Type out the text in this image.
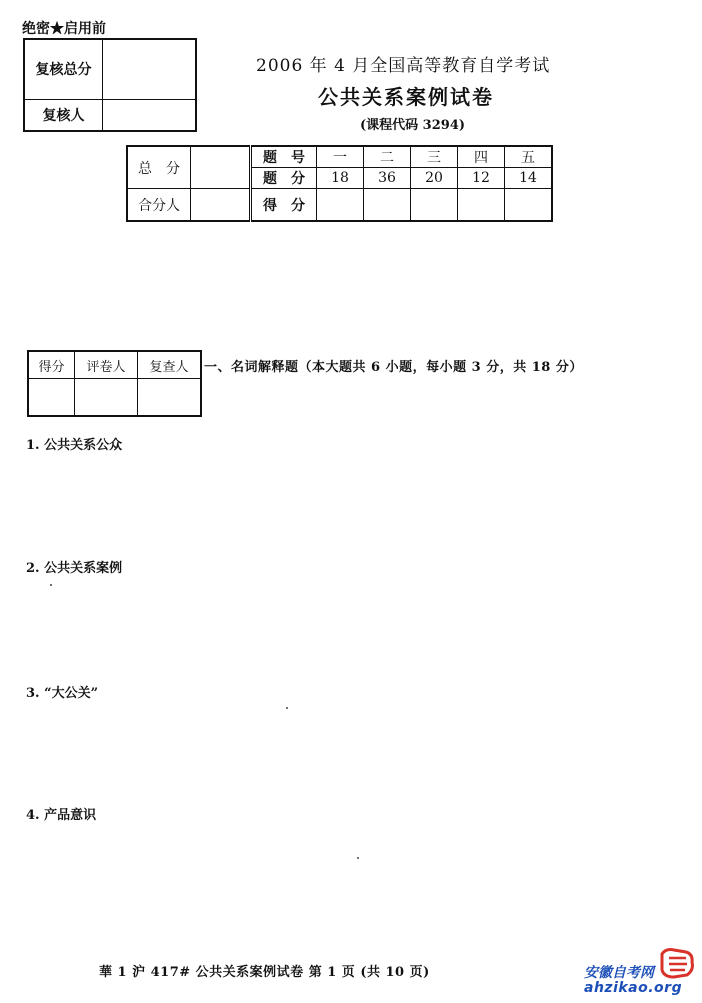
绝密★启用前
复核总分	
复核人	
2006 年 4 月全国高等教育自学考试
公共关系案例试卷
(课程代码 3294)
总　分		题　号	一	二	三	四	五
		题　分	18	36	20	12	14
合分人		得　分					
得分	评卷人	复查人
		一、名词解释题（本大题共 6 小题，每小题 3 分，共 18 分）
1. 公共关系公众
2. 公共关系案例
3. “大公关”
4. 产品意识
華 1 沪 417# 公共关系案例试卷 第 1 页 (共 10 页)	安徽自考网
ahzikao.org
